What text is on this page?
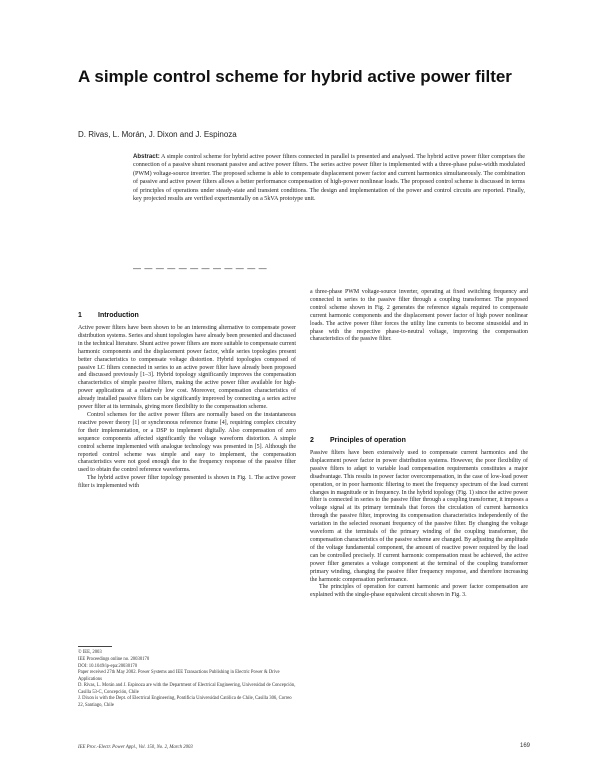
A simple control scheme for hybrid active power filter
D. Rivas, L. Morán, J. Dixon and J. Espinoza
Abstract: A simple control scheme for hybrid active power filters connected in parallel is presented and analysed. The hybrid active power filter comprises the connection of a passive shunt resonant passive and active power filters. The series active power filter is implemented with a three-phase pulse-width modulated (PWM) voltage-source inverter. The proposed scheme is able to compensate displacement power factor and current harmonics simultaneously. The combination of passive and active power filters allows a better performance compensation of high-power nonlinear loads. The proposed control scheme is discussed in terms of principles of operations under steady-state and transient conditions. The design and implementation of the power and control circuits are reported. Finally, key projected results are verified experimentally on a 5kVA prototype unit.
— — — — — — — — — — — —
1 Introduction

Active power filters have been shown to be an interesting alternative to compensate power distribution systems. Series and shunt topologies have already been presented and discussed in the technical literature. Shunt active power filters are more suitable to compensate current harmonic components and the displacement power factor, while series topologies present better characteristics to compensate voltage distortion. Hybrid topologies composed of passive LC filters connected in series to an active power filter have already been proposed and discussed previously [1–3]. Hybrid topology significantly improves the compensation characteristics of simple passive filters, making the active power filter available for high-power applications at a relatively low cost. Moreover, compensation characteristics of already installed passive filters can be significantly improved by connecting a series active power filter at its terminals, giving more flexibility to the compensation scheme.

Control schemes for the active power filters are normally based on the instantaneous reactive power theory [1] or synchronous reference frame [4], requiring complex circuitry for their implementation, or a DSP to implement digitally. Also compensation of zero sequence components affected significantly the voltage waveform distortion. A simple control scheme implemented with analogue technology was presented in [5]. Although the reported control scheme was simple and easy to implement, the compensation characteristics were not good enough due to the frequency response of the passive filter used to obtain the control reference waveforms.

The hybrid active power filter topology presented is shown in Fig. 1. The active power filter is implemented with

© IEE, 2003
IEE Proceedings online no. 20030170
DOI: 10.1049/ip-epa:20030170
Paper received 27th May 2002. Power Systems and IEE Transactions Publishing in Electric Power & Drive Applications
D. Rivas, L. Morán and J. Espinoza are with the Department of Electrical Engineering, Universidad de Concepción, Casilla 53-C, Concepción, Chile
J. Dixon is with the Dept. of Electrical Engineering, Pontificia Universidad Católica de Chile, Casilla 306, Correo 22, Santiago, Chile

a three-phase PWM voltage-source inverter, operating at fixed switching frequency and connected in series to the passive filter through a coupling transformer. The proposed control scheme shown in Fig. 2 generates the reference signals required to compensate current harmonic components and the displacement power factor of high power nonlinear loads. The active power filter forces the utility line currents to become sinusoidal and in phase with the respective phase-to-neutral voltage, improving the compensation characteristics of the passive filter.

2 Principles of operation

Passive filters have been extensively used to compensate current harmonics and the displacement power factor in power distribution systems. However, the poor flexibility of passive filters to adapt to variable load compensation requirements constitutes a major disadvantage. This results in power factor overcompensation, in the case of low-load power operation, or in poor harmonic filtering to meet the frequency spectrum of the load current changes in magnitude or in frequency. In the hybrid topology (Fig. 1) since the active power filter is connected in series to the passive filter through a coupling transformer, it imposes a voltage signal at its primary terminals that forces the circulation of current harmonics through the passive filter, improving its compensation characteristics independently of the variation in the selected resonant frequency of the passive filter. By changing the voltage waveform at the terminals of the primary winding of the coupling transformer, the compensation characteristics of the passive scheme are changed. By adjusting the amplitude of the voltage fundamental component, the amount of reactive power required by the load can be controlled precisely. If current harmonic compensation must be achieved, the active power filter generates a voltage component at the terminal of the coupling transformer primary winding, changing the passive filter frequency response, and therefore increasing the harmonic compensation performance.

The principles of operation for current harmonic and power factor compensation are explained with the single-phase equivalent circuit shown in Fig. 3.

IEE Proc.-Electr. Power Appl., Vol. 150, No. 2, March 2003	169
